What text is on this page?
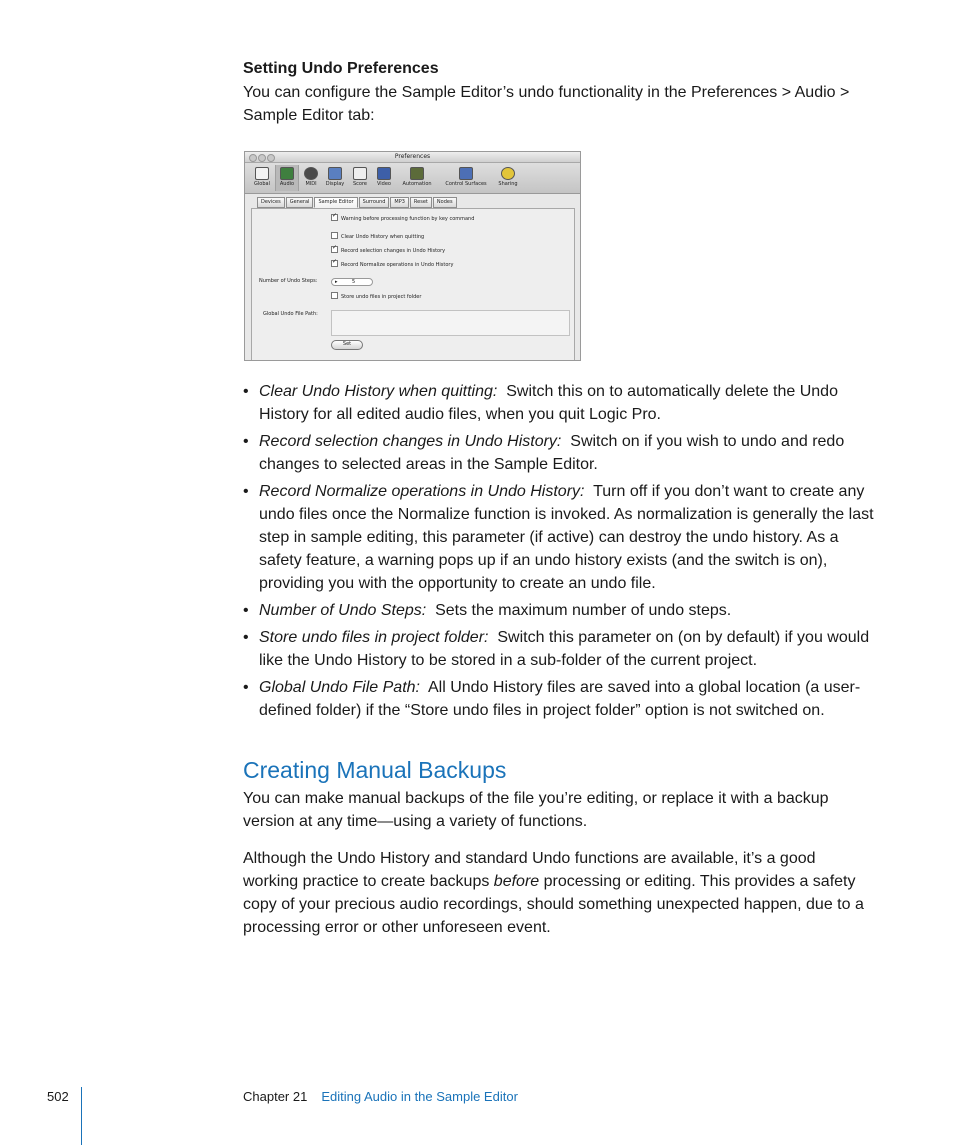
Setting Undo Preferences
You can configure the Sample Editor’s undo functionality in the Preferences > Audio > Sample Editor tab:
Preferences
Global	Audio	MIDI	Display	Score	Video	Automation	Control Surfaces	Sharing
Devices	General	Sample Editor	Surround	MP3	Reset	Nodes
✓Warning before processing function by key command
Clear Undo History when quitting
✓Record selection changes in Undo History
✓Record Normalize operations in Undo History
Number of Undo Steps:	▸	5
Store undo files in project folder
Global Undo File Path:
Set
• Clear Undo History when quitting: Switch this on to automatically delete the Undo History for all edited audio files, when you quit Logic Pro.
• Record selection changes in Undo History: Switch on if you wish to undo and redo changes to selected areas in the Sample Editor.
• Record Normalize operations in Undo History: Turn off if you don’t want to create any undo files once the Normalize function is invoked. As normalization is generally the last step in sample editing, this parameter (if active) can destroy the undo history. As a safety feature, a warning pops up if an undo history exists (and the switch is on), providing you with the opportunity to create an undo file.
• Number of Undo Steps: Sets the maximum number of undo steps.
• Store undo files in project folder: Switch this parameter on (on by default) if you would like the Undo History to be stored in a sub-folder of the current project.
• Global Undo File Path: All Undo History files are saved into a global location (a user-defined folder) if the “Store undo files in project folder” option is not switched on.
Creating Manual Backups
You can make manual backups of the file you’re editing, or replace it with a backup version at any time—using a variety of functions.
Although the Undo History and standard Undo functions are available, it’s a good working practice to create backups before processing or editing. This provides a safety copy of your precious audio recordings, should something unexpected happen, due to a processing error or other unforeseen event.
502	Chapter 21 Editing Audio in the Sample Editor
